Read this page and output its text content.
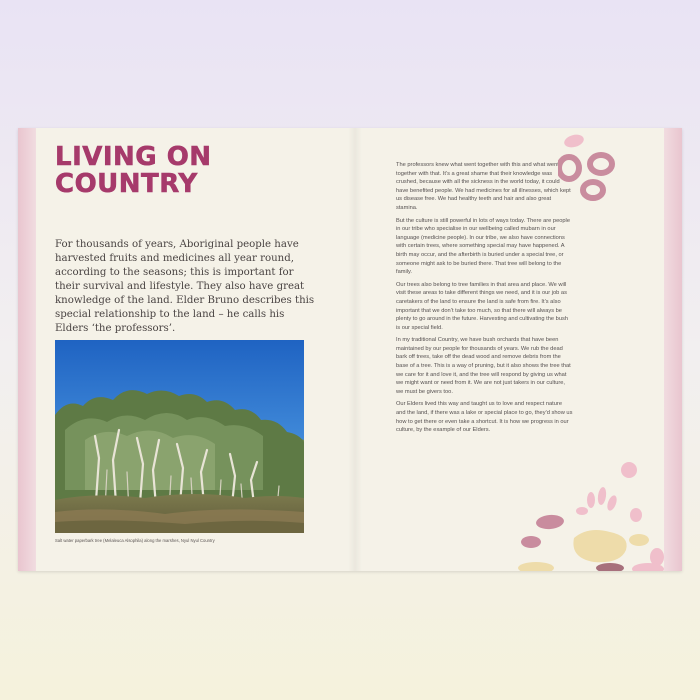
LIVING ON
COUNTRY

For thousands of years, Aboriginal people have harvested fruits and medicines all year round, according to the seasons; this is important for their survival and lifestyle. They also have great knowledge of the land. Elder Bruno describes this special relationship to the land – he calls his Elders ‘the professors’.

Salt water paperbark tree (Melaleuca Alsophila) along the marshes, Nyul Nyul Country

The professors knew what went together with this and what went together with that. It’s a great shame that their knowledge was crushed, because with all the sickness in the world today, it could have benefited people. We had medicines for all illnesses, which kept us disease free. We had healthy teeth and hair and also great stamina.

But the culture is still powerful in lots of ways today. There are people in our tribe who specialise in our wellbeing called mubarn in our language (medicine people). In our tribe, we also have connections with certain trees, where something special may have happened. A birth may occur, and the afterbirth is buried under a special tree, or someone might ask to be buried there. That tree will belong to the family.

Our trees also belong to tree families in that area and place. We will visit these areas to take different things we need, and it is our job as caretakers of the land to ensure the land is safe from fire. It’s also important that we don’t take too much, so that there will always be plenty to go around in the future. Harvesting and cultivating the bush is our special field.

In my traditional Country, we have bush orchards that have been maintained by our people for thousands of years. We rub the dead bark off trees, take off the dead wood and remove debris from the base of a tree. This is a way of pruning, but it also shows the tree that we care for it and love it, and the tree will respond by giving us what we might want or need from it. We are not just takers in our culture, we must be givers too.

Our Elders lived this way and taught us to love and respect nature and the land, if there was a lake or special place to go, they’d show us how to get there or even take a shortcut. It is how we progress in our culture, by the example of our Elders.
